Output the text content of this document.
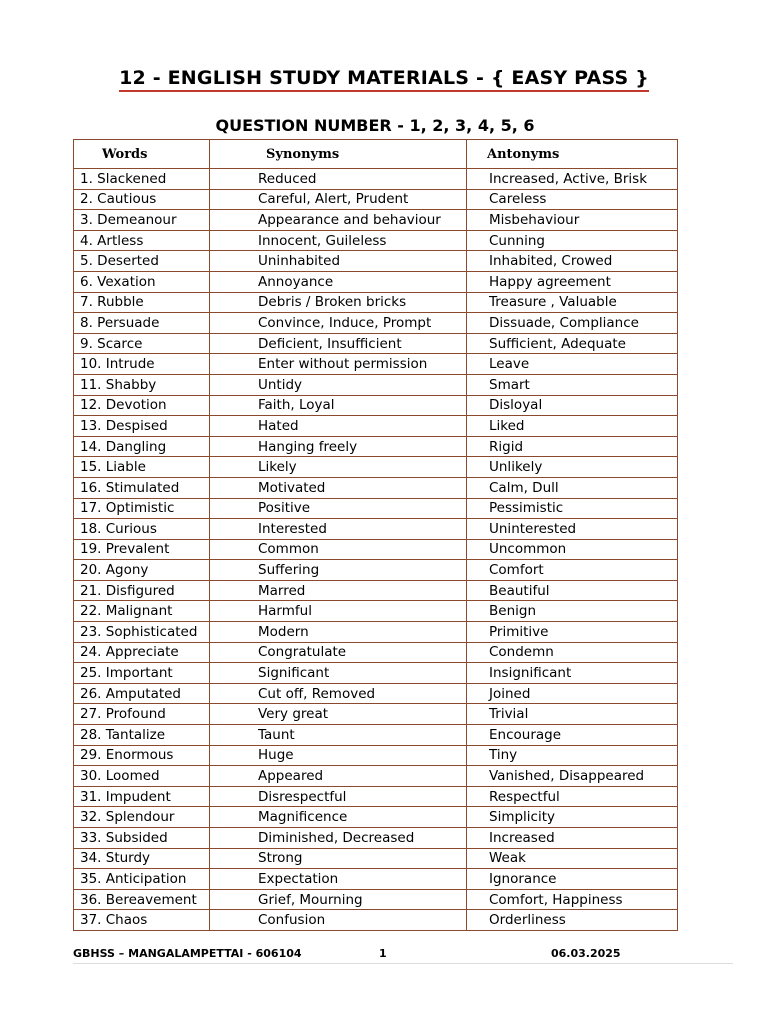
12 - ENGLISH STUDY MATERIALS - { EASY PASS }
QUESTION NUMBER - 1, 2, 3, 4, 5, 6
Words	Synonyms	Antonyms
1. Slackened	Reduced	Increased, Active, Brisk
2. Cautious	Careful, Alert, Prudent	Careless
3. Demeanour	Appearance and behaviour	Misbehaviour
4. Artless	Innocent, Guileless	Cunning
5. Deserted	Uninhabited	Inhabited, Crowed
6. Vexation	Annoyance	Happy agreement
7. Rubble	Debris / Broken bricks	Treasure , Valuable
8. Persuade	Convince, Induce, Prompt	Dissuade, Compliance
9. Scarce	Deficient, Insufficient	Sufficient, Adequate
10. Intrude	Enter without permission	Leave
11. Shabby	Untidy	Smart
12. Devotion	Faith, Loyal	Disloyal
13. Despised	Hated	Liked
14. Dangling	Hanging freely	Rigid
15. Liable	Likely	Unlikely
16. Stimulated	Motivated	Calm, Dull
17. Optimistic	Positive	Pessimistic
18. Curious	Interested	Uninterested
19. Prevalent	Common	Uncommon
20. Agony	Suffering	Comfort
21. Disfigured	Marred	Beautiful
22. Malignant	Harmful	Benign
23. Sophisticated	Modern	Primitive
24. Appreciate	Congratulate	Condemn
25. Important	Significant	Insignificant
26. Amputated	Cut off, Removed	Joined
27. Profound	Very great	Trivial
28. Tantalize	Taunt	Encourage
29. Enormous	Huge	Tiny
30. Loomed	Appeared	Vanished, Disappeared
31. Impudent	Disrespectful	Respectful
32. Splendour	Magnificence	Simplicity
33. Subsided	Diminished, Decreased	Increased
34. Sturdy	Strong	Weak
35. Anticipation	Expectation	Ignorance
36. Bereavement	Grief, Mourning	Comfort, Happiness
37. Chaos	Confusion	Orderliness
GBHSS – MANGALAMPETTAI - 606104	1	06.03.2025
